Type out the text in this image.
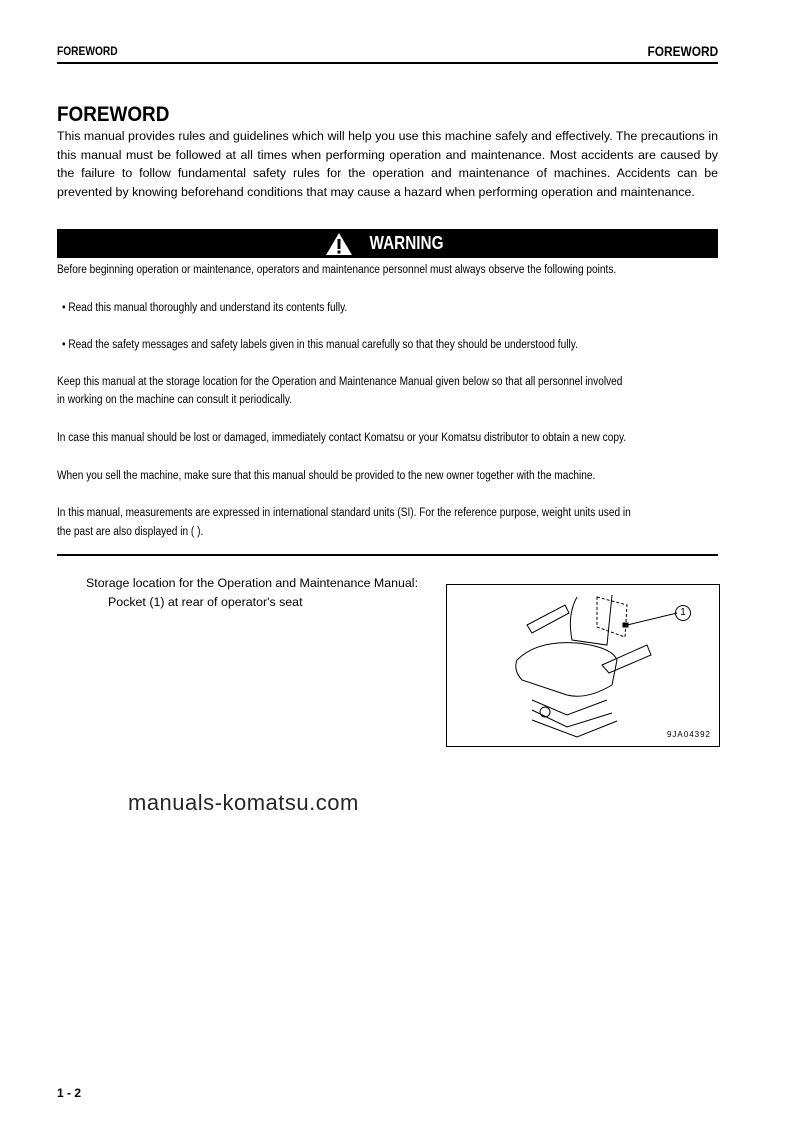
FOREWORD	FOREWORD
FOREWORD
This manual provides rules and guidelines which will help you use this machine safely and effectively. The precautions in this manual must be followed at all times when performing operation and maintenance. Most accidents are caused by the failure to follow fundamental safety rules for the operation and maintenance of machines. Accidents can be prevented by knowing beforehand conditions that may cause a hazard when performing operation and maintenance.
WARNING
Before beginning operation or maintenance, operators and maintenance personnel must always observe the following points.
• Read this manual thoroughly and understand its contents fully.
• Read the safety messages and safety labels given in this manual carefully so that they should be understood fully.
Keep this manual at the storage location for the Operation and Maintenance Manual given below so that all personnel involved
in working on the machine can consult it periodically.
In case this manual should be lost or damaged, immediately contact Komatsu or your Komatsu distributor to obtain a new copy.
When you sell the machine, make sure that this manual should be provided to the new owner together with the machine.
In this manual, measurements are expressed in international standard units (SI). For the reference purpose, weight units used in
the past are also displayed in ( ).
Storage location for the Operation and Maintenance Manual:
Pocket (1) at rear of operator's seat
1
9JA04392
manuals-komatsu.com
1 - 2
